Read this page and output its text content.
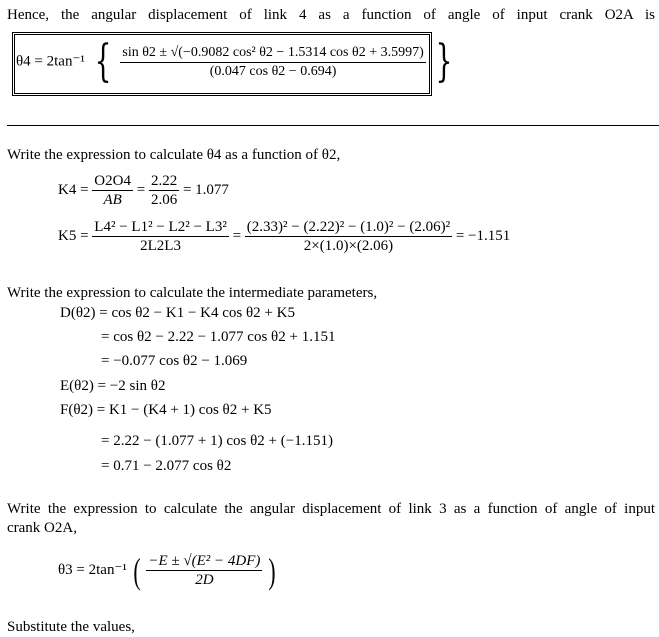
Hence, the angular displacement of link 4 as a function of angle of input crank O2A is
θ4 = 2tan⁻¹ { $\frac{\text{sin θ2 ± √(−0.9082 cos² θ2 − 1.5314 cos θ2 + 3.5997)}}{\text{(0.047 cos θ2 − 0.694)}}$ }
Write the expression to calculate θ4 as a function of θ2,
$K4 = \frac{O2O4}{AB} = \frac{2.22}{2.06} = 1.077$
$K5 = \frac{\text{L4² − L1² − L2² − L3²}}{2L2L3} = \frac{\text{(2.33)² − (2.22)² − (1.0)² − (2.06)²}}{2\times(1.0)\times(2.06)} = -1.151$
Write the expression to calculate the intermediate parameters,
D(θ2) = cos θ2 − K1 − K4 cos θ2 + K5
= cos θ2 − 2.22 − 1.077 cos θ2 + 1.151
= −0.077 cos θ2 − 1.069
E(θ2) = −2 sin θ2
F(θ2) = K1 − (K4 + 1) cos θ2 + K5
= 2.22 − (1.077 + 1) cos θ2 + (−1.151)
= 0.71 − 2.077 cos θ2
Write the expression to calculate the angular displacement of link 3 as a function of angle of input
crank O2A,
θ3 = 2tan⁻¹ ( $\frac{\text{−E ± √(E² − 4DF)}}{2D}$ )
Substitute the values,
